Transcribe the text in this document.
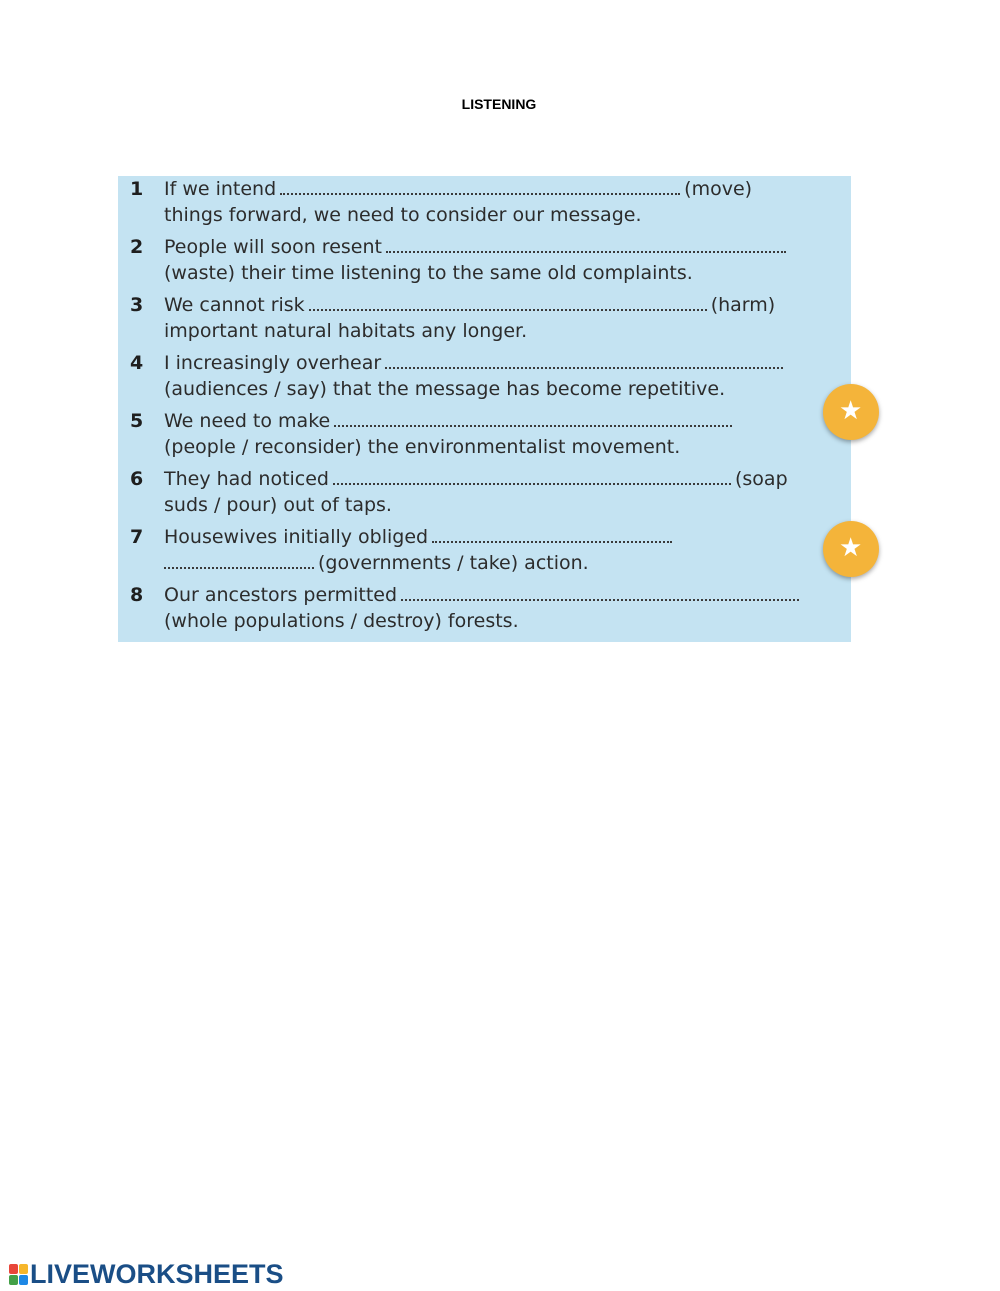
LISTENING
1	If we intend	(move)
things forward, we need to consider our message.
2	People will soon resent
(waste) their time listening to the same old complaints.
3	We cannot risk	(harm)
important natural habitats any longer.
4	I increasingly overhear
(audiences / say) that the message has become repetitive.
5	We need to make
(people / reconsider) the environmentalist movement.
6	They had noticed	(soap
suds / pour) out of taps.
7	Housewives initially obliged
(governments / take) action.
8	Our ancestors permitted
(whole populations / destroy) forests.
★
★
LIVEWORKSHEETS
